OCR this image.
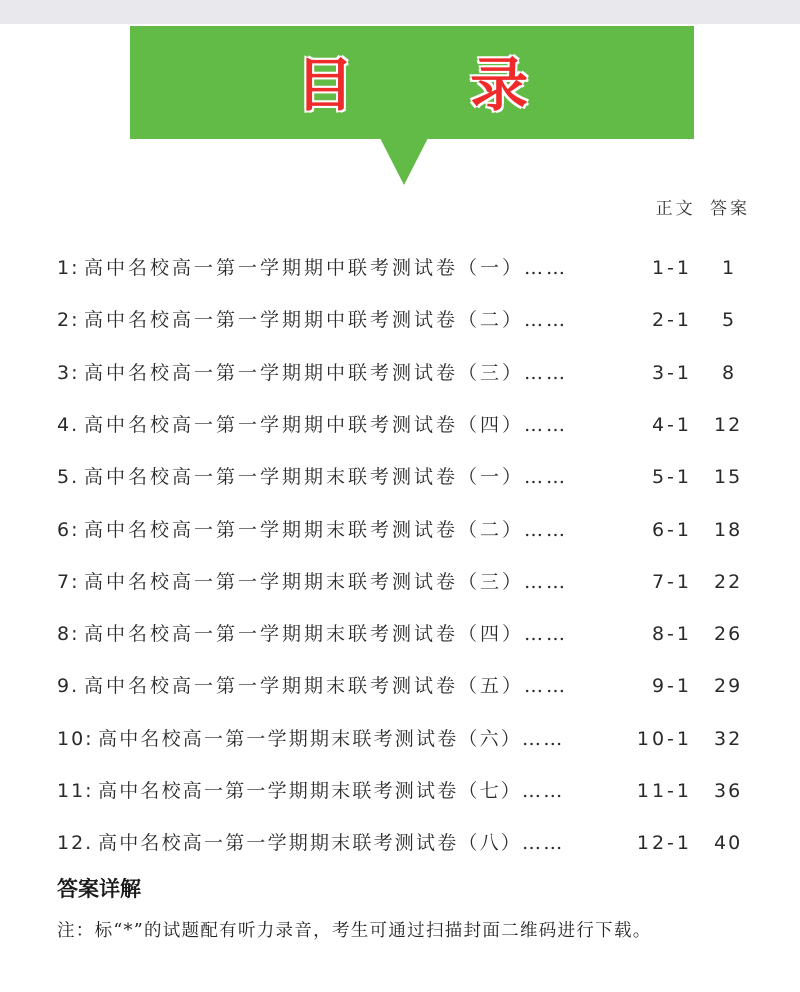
目 录
正文 答案
1: 高中名校高一第一学期期中联考测试卷（一）……	1-1 1
2: 高中名校高一第一学期期中联考测试卷（二）……	2-1 5
3: 高中名校高一第一学期期中联考测试卷（三）……	3-1 8
4. 高中名校高一第一学期期中联考测试卷（四）……	4-1 12
5. 高中名校高一第一学期期末联考测试卷（一）……	5-1 15
6: 高中名校高一第一学期期末联考测试卷（二）……	6-1 18
7: 高中名校高一第一学期期末联考测试卷（三）……	7-1 22
8: 高中名校高一第一学期期末联考测试卷（四）……	8-1 26
9. 高中名校高一第一学期期末联考测试卷（五）……	9-1 29
10: 高中名校高一第一学期期末联考测试卷（六）……	10-1 32
11: 高中名校高一第一学期期末联考测试卷（七）……	11-1 36
12. 高中名校高一第一学期期末联考测试卷（八）……	12-1 40
答案详解
注：标“*”的试题配有听力录音，考生可通过扫描封面二维码进行下载。
